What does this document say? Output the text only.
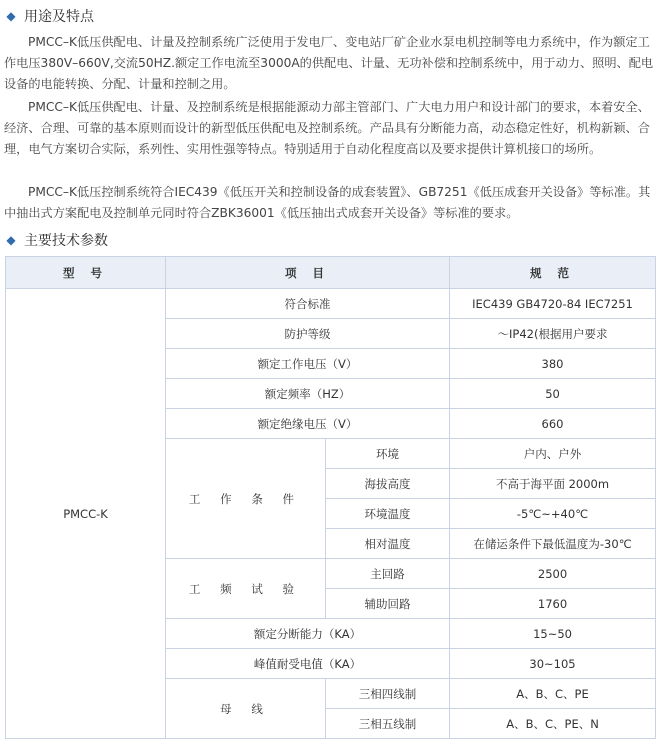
◆ 用途及特点

PMCC–K低压供配电、计量及控制系统广泛使用于发电厂、变电站厂矿企业水泵电机控制等电力系统中，作为额定工作电压380V–660V,交流50HZ.额定工作电流至3000A的供配电、计量、无功补偿和控制系统中，用于动力、照明、配电设备的电能转换、分配、计量和控制之用。

PMCC–K低压供配电、计量、及控制系统是根据能源动力部主管部门、广大电力用户和设计部门的要求，本着安全、经济、合理、可靠的基本原则而设计的新型低压供配电及控制系统。产品具有分断能力高，动态稳定性好，机构新颖、合理，电气方案切合实际，系列性、实用性强等特点。特别适用于自动化程度高以及要求提供计算机接口的场所。

PMCC–K低压控制系统符合IEC439《低压开关和控制设备的成套装置》、GB7251《低压成套开关设备》等标准。其中抽出式方案配电及控制单元同时符合ZBK36001《低压抽出式成套开关设备》等标准的要求。

◆ 主要技术参数
型 号	项 目		规 范
PMCC-K	符合标准		IEC439 GB4720-84 IEC7251
	防护等级		～IP42(根据用户要求
	额定工作电压（V）		380
	额定频率（HZ）		50
	额定绝缘电压（V）		660
	工 作 条 件	环境	户内、户外
		海拔高度	不高于海平面 2000m
		环境温度	-5℃~+40℃
		相对温度	在储运条件下最低温度为-30℃
	工 频 试 验	主回路	2500
		辅助回路	1760
	额定分断能力（KA）		15~50
	峰值耐受电值（KA）		30~105
	母 线	三相四线制	A、B、C、PE
		三相五线制	A、B、C、PE、N
